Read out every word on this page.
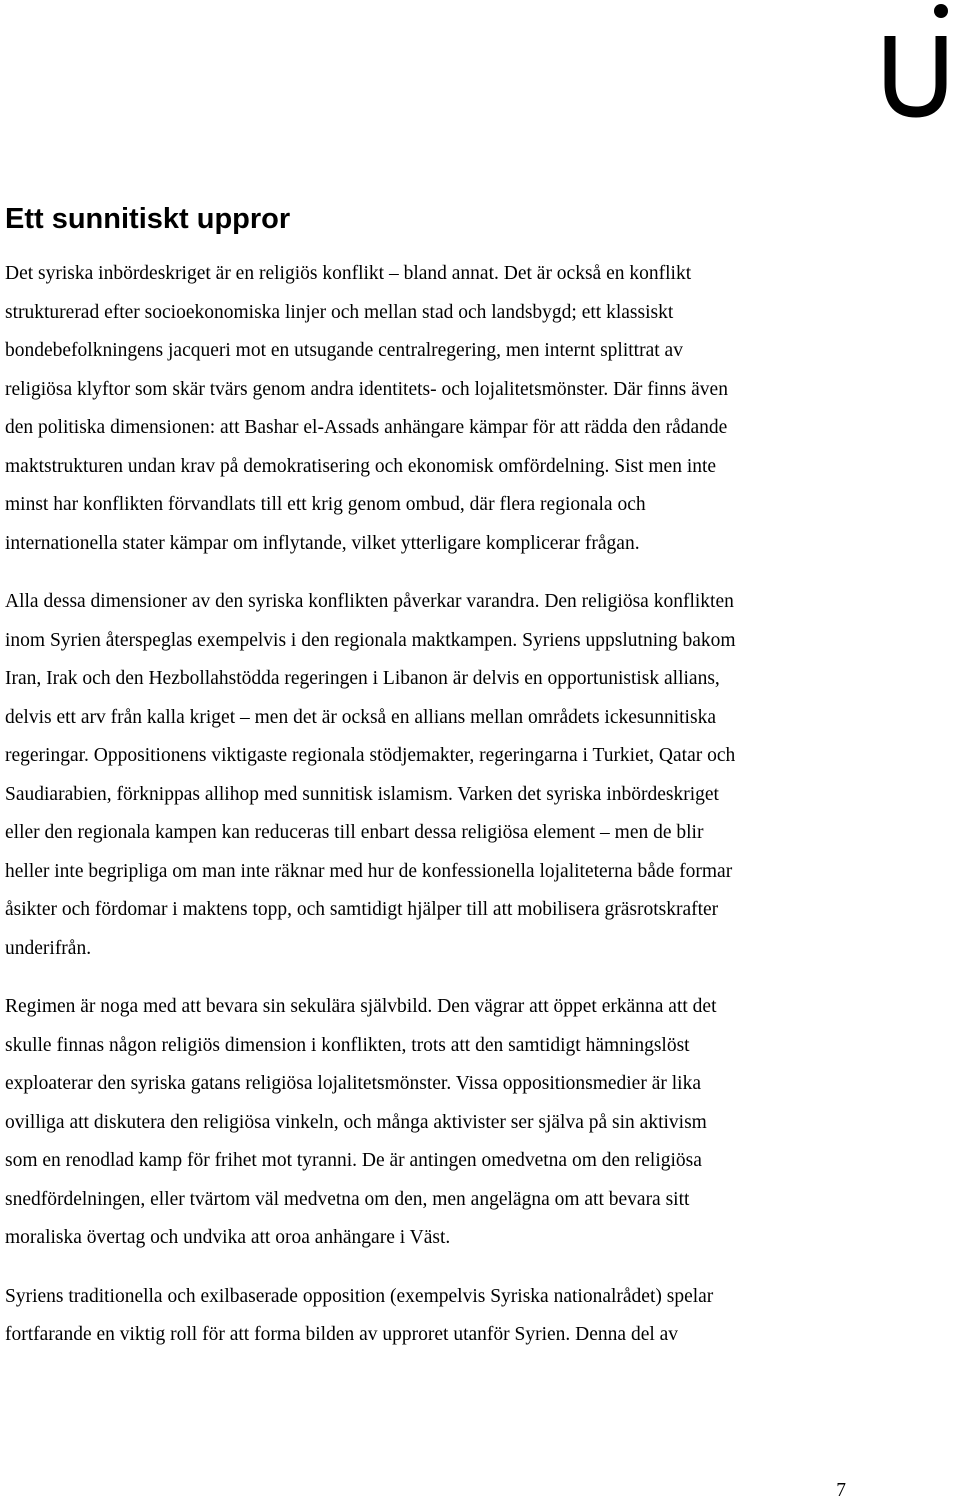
Ett sunnitiskt uppror

Det syriska inbördeskriget är en religiös konflikt – bland annat. Det är också en konflikt
strukturerad efter socioekonomiska linjer och mellan stad och landsbygd; ett klassiskt
bondebefolkningens jacqueri mot en utsugande centralregering, men internt splittrat av
religiösa klyftor som skär tvärs genom andra identitets- och lojalitetsmönster. Där finns även
den politiska dimensionen: att Bashar el-Assads anhängare kämpar för att rädda den rådande
maktstrukturen undan krav på demokratisering och ekonomisk omfördelning. Sist men inte
minst har konflikten förvandlats till ett krig genom ombud, där flera regionala och
internationella stater kämpar om inflytande, vilket ytterligare komplicerar frågan.

Alla dessa dimensioner av den syriska konflikten påverkar varandra. Den religiösa konflikten
inom Syrien återspeglas exempelvis i den regionala maktkampen. Syriens uppslutning bakom
Iran, Irak och den Hezbollahstödda regeringen i Libanon är delvis en opportunistisk allians,
delvis ett arv från kalla kriget – men det är också en allians mellan områdets ickesunnitiska
regeringar. Oppositionens viktigaste regionala stödjemakter, regeringarna i Turkiet, Qatar och
Saudiarabien, förknippas allihop med sunnitisk islamism. Varken det syriska inbördeskriget
eller den regionala kampen kan reduceras till enbart dessa religiösa element – men de blir
heller inte begripliga om man inte räknar med hur de konfessionella lojaliteterna både formar
åsikter och fördomar i maktens topp, och samtidigt hjälper till att mobilisera gräsrotskrafter
underifrån.

Regimen är noga med att bevara sin sekulära självbild. Den vägrar att öppet erkänna att det
skulle finnas någon religiös dimension i konflikten, trots att den samtidigt hämningslöst
exploaterar den syriska gatans religiösa lojalitetsmönster. Vissa oppositionsmedier är lika
ovilliga att diskutera den religiösa vinkeln, och många aktivister ser själva på sin aktivism
som en renodlad kamp för frihet mot tyranni. De är antingen omedvetna om den religiösa
snedfördelningen, eller tvärtom väl medvetna om den, men angelägna om att bevara sitt
moraliska övertag och undvika att oroa anhängare i Väst.

Syriens traditionella och exilbaserade opposition (exempelvis Syriska nationalrådet) spelar
fortfarande en viktig roll för att forma bilden av upproret utanför Syrien. Denna del av

7
